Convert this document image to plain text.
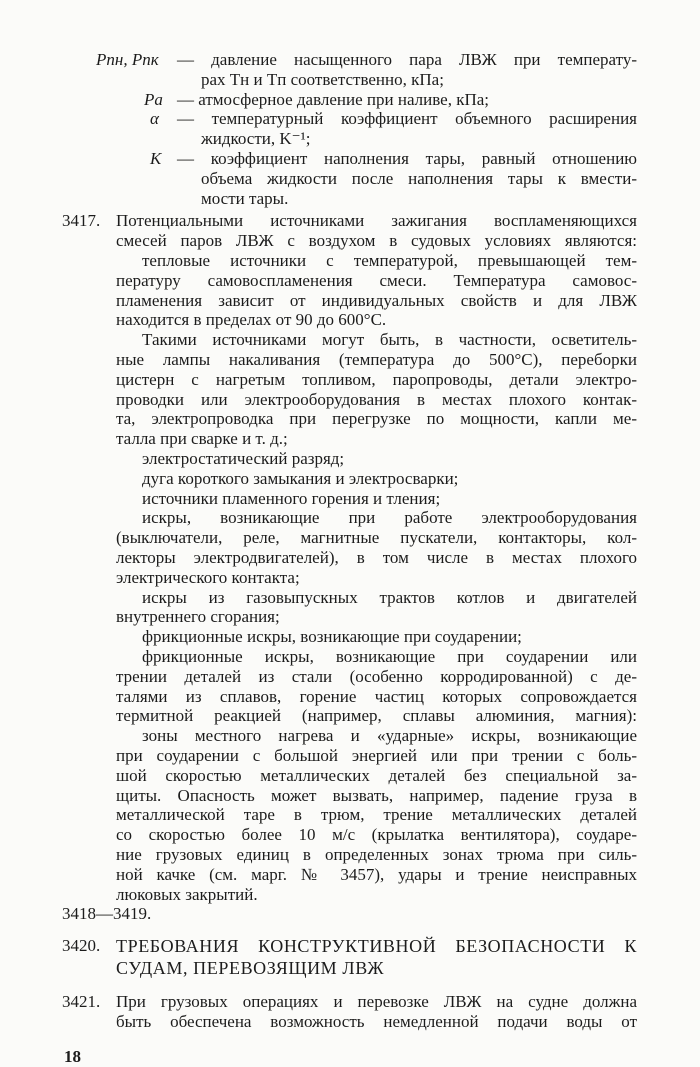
Pпн, Pпк — давление насыщенного пара ЛВЖ при температу-
рах Tн и Tп соответственно, кПа;
Pа — атмосферное давление при наливе, кПа;
α — температурный коэффициент объемного расширения
жидкости, K⁻¹;
K — коэффициент наполнения тары, равный отношению
объема жидкости после наполнения тары к вмести-
мости тары.
3417. Потенциальными источниками зажигания воспламеняющихся
смесей паров ЛВЖ с воздухом в судовых условиях являются:
тепловые источники с температурой, превышающей тем-
пературу самовоспламенения смеси. Температура самовос-
пламенения зависит от индивидуальных свойств и для ЛВЖ
находится в пределах от 90 до 600°С.
Такими источниками могут быть, в частности, осветитель-
ные лампы накаливания (температура до 500°С), переборки
цистерн с нагретым топливом, паропроводы, детали электро-
проводки или электрооборудования в местах плохого контак-
та, электропроводка при перегрузке по мощности, капли ме-
талла при сварке и т. д.;
электростатический разряд;
дуга короткого замыкания и электросварки;
источники пламенного горения и тления;
искры, возникающие при работе электрооборудования
(выключатели, реле, магнитные пускатели, контакторы, кол-
лекторы электродвигателей), в том числе в местах плохого
электрического контакта;
искры из газовыпускных трактов котлов и двигателей
внутреннего сгорания;
фрикционные искры, возникающие при соударении;
фрикционные искры, возникающие при соударении или
трении деталей из стали (особенно корродированной) с де-
талями из сплавов, горение частиц которых сопровождается
термитной реакцией (например, сплавы алюминия, магния):
зоны местного нагрева и «ударные» искры, возникающие
при соударении с большой энергией или при трении с боль-
шой скоростью металлических деталей без специальной за-
щиты. Опасность может вызвать, например, падение груза в
металлической таре в трюм, трение металлических деталей
со скоростью более 10 м/с (крылатка вентилятора), соударе-
ние грузовых единиц в определенных зонах трюма при силь-
ной качке (см. марг. № 3457), удары и трение неисправных
люковых закрытий.
3418—3419.
3420. ТРЕБОВАНИЯ КОНСТРУКТИВНОЙ БЕЗОПАСНОСТИ К
СУДАМ, ПЕРЕВОЗЯЩИМ ЛВЖ
3421. При грузовых операциях и перевозке ЛВЖ на судне должна
быть обеспечена возможность немедленной подачи воды от
18
